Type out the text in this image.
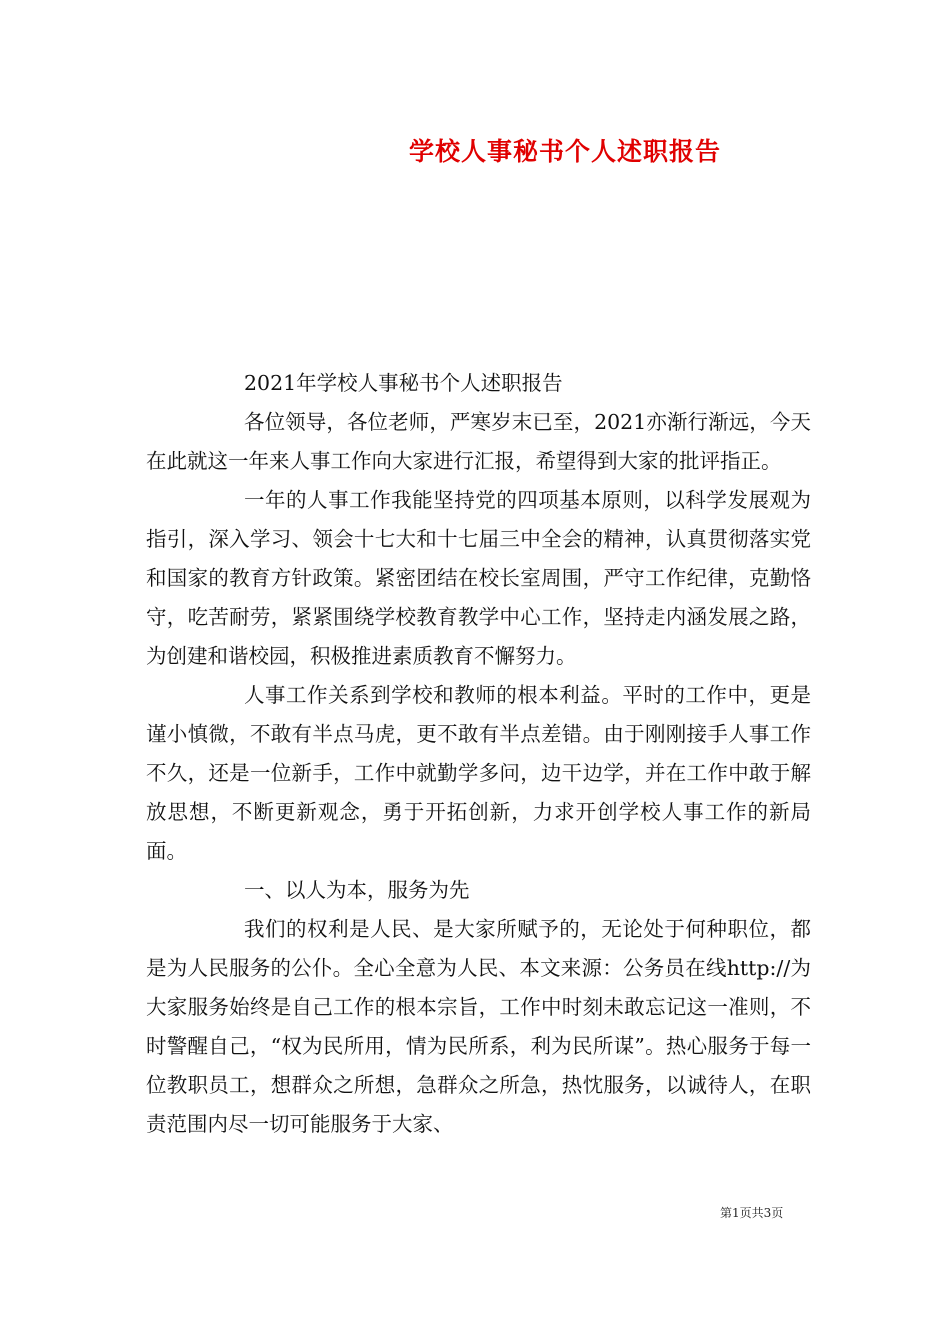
学校人事秘书个人述职报告

2021年学校人事秘书个人述职报告

各位领导，各位老师，严寒岁末已至，2021亦渐行渐远，今天在此就这一年来人事工作向大家进行汇报，希望得到大家的批评指正。

一年的人事工作我能坚持党的四项基本原则，以科学发展观为指引，深入学习、领会十七大和十七届三中全会的精神，认真贯彻落实党和国家的教育方针政策。紧密团结在校长室周围，严守工作纪律，克勤恪守，吃苦耐劳，紧紧围绕学校教育教学中心工作，坚持走内涵发展之路，为创建和谐校园，积极推进素质教育不懈努力。

人事工作关系到学校和教师的根本利益。平时的工作中，更是谨小慎微，不敢有半点马虎，更不敢有半点差错。由于刚刚接手人事工作不久，还是一位新手，工作中就勤学多问，边干边学，并在工作中敢于解放思想，不断更新观念，勇于开拓创新，力求开创学校人事工作的新局面。

一、以人为本，服务为先

我们的权利是人民、是大家所赋予的，无论处于何种职位，都是为人民服务的公仆。全心全意为人民、本文来源：公务员在线http://为大家服务始终是自己工作的根本宗旨，工作中时刻未敢忘记这一准则，不时警醒自己，“权为民所用，情为民所系，利为民所谋”。热心服务于每一位教职员工，想群众之所想，急群众之所急，热忱服务，以诚待人，在职责范围内尽一切可能服务于大家、

第1页共3页
